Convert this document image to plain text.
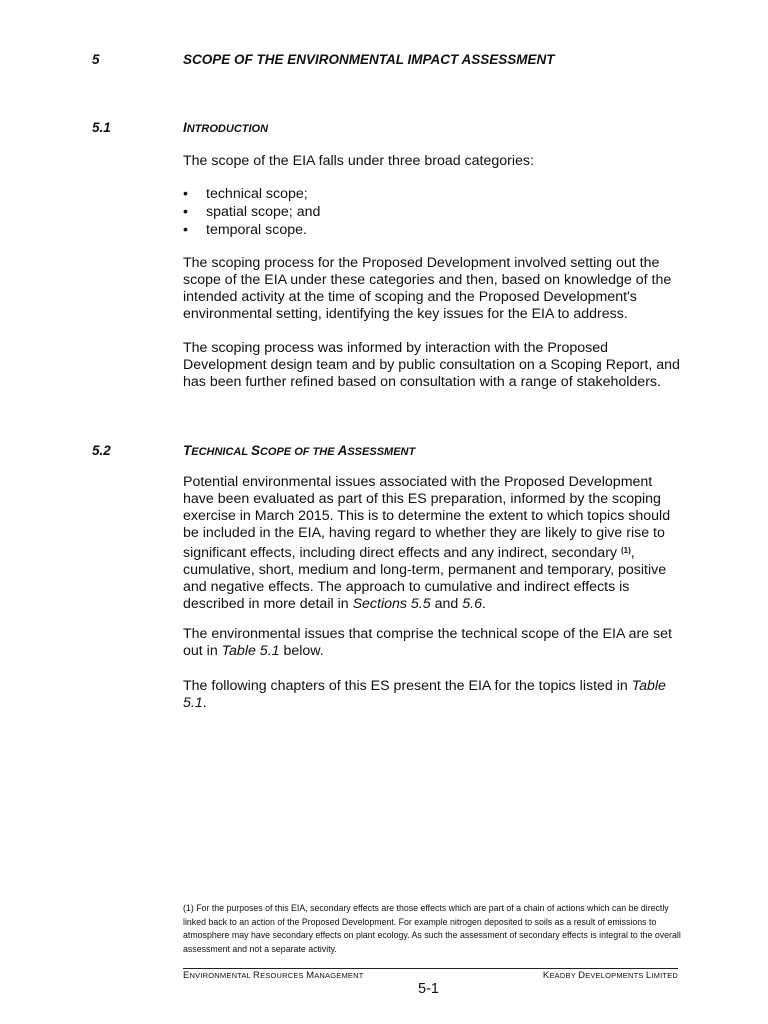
5	SCOPE OF THE ENVIRONMENTAL IMPACT ASSESSMENT
5.1	INTRODUCTION

The scope of the EIA falls under three broad categories:

• technical scope;
• spatial scope; and
• temporal scope.

The scoping process for the Proposed Development involved setting out the scope of the EIA under these categories and then, based on knowledge of the intended activity at the time of scoping and the Proposed Development's environmental setting, identifying the key issues for the EIA to address.

The scoping process was informed by interaction with the Proposed Development design team and by public consultation on a Scoping Report, and has been further refined based on consultation with a range of stakeholders.

5.2	TECHNICAL SCOPE OF THE ASSESSMENT

Potential environmental issues associated with the Proposed Development have been evaluated as part of this ES preparation, informed by the scoping exercise in March 2015. This is to determine the extent to which topics should be included in the EIA, having regard to whether they are likely to give rise to significant effects, including direct effects and any indirect, secondary $^{(1)}$, cumulative, short, medium and long-term, permanent and temporary, positive and negative effects. The approach to cumulative and indirect effects is described in more detail in Sections 5.5 and 5.6.

The environmental issues that comprise the technical scope of the EIA are set out in Table 5.1 below.

The following chapters of this ES present the EIA for the topics listed in Table 5.1.

(1) For the purposes of this EIA, secondary effects are those effects which are part of a chain of actions which can be directly linked back to an action of the Proposed Development. For example nitrogen deposited to soils as a result of emissions to atmosphere may have secondary effects on plant ecology. As such the assessment of secondary effects is integral to the overall assessment and not a separate activity.
ENVIRONMENTAL RESOURCES MANAGEMENT	KEADBY DEVELOPMENTS LIMITED
5-1
